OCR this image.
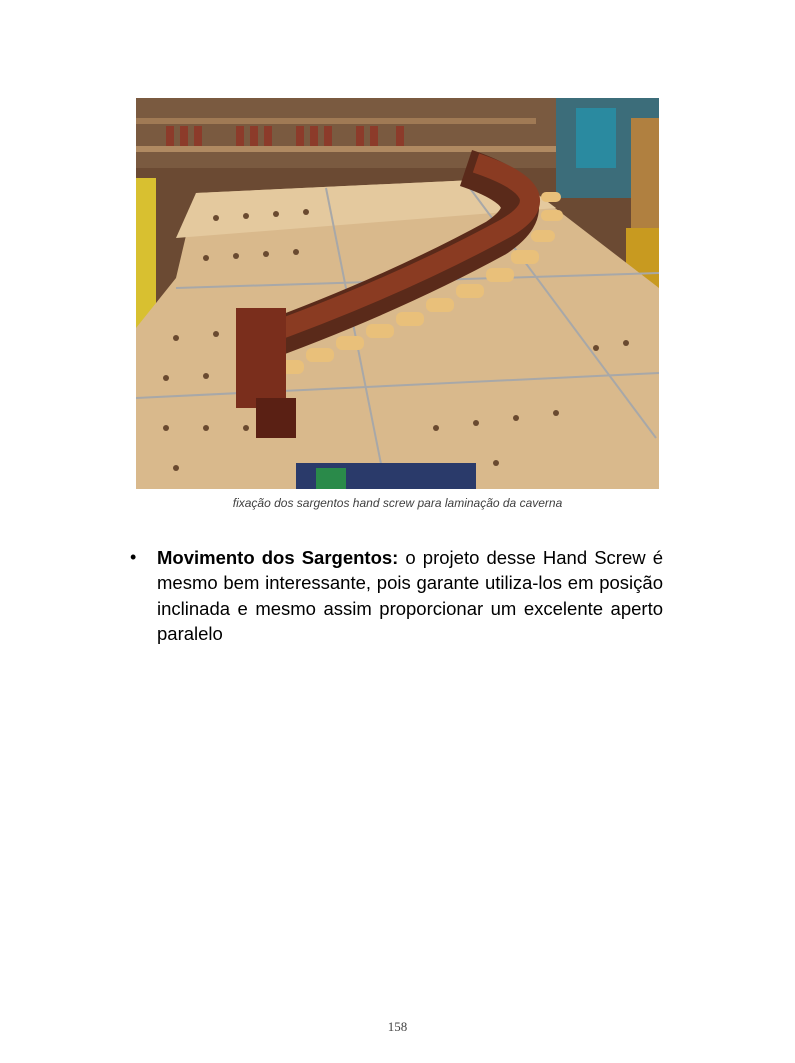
fixação dos sargentos hand screw para laminação da caverna
• Movimento dos Sargentos: o projeto desse Hand Screw é mesmo bem interessante, pois garante utiliza-los em posição inclinada e mesmo assim proporcionar um excelente aperto paralelo
158
